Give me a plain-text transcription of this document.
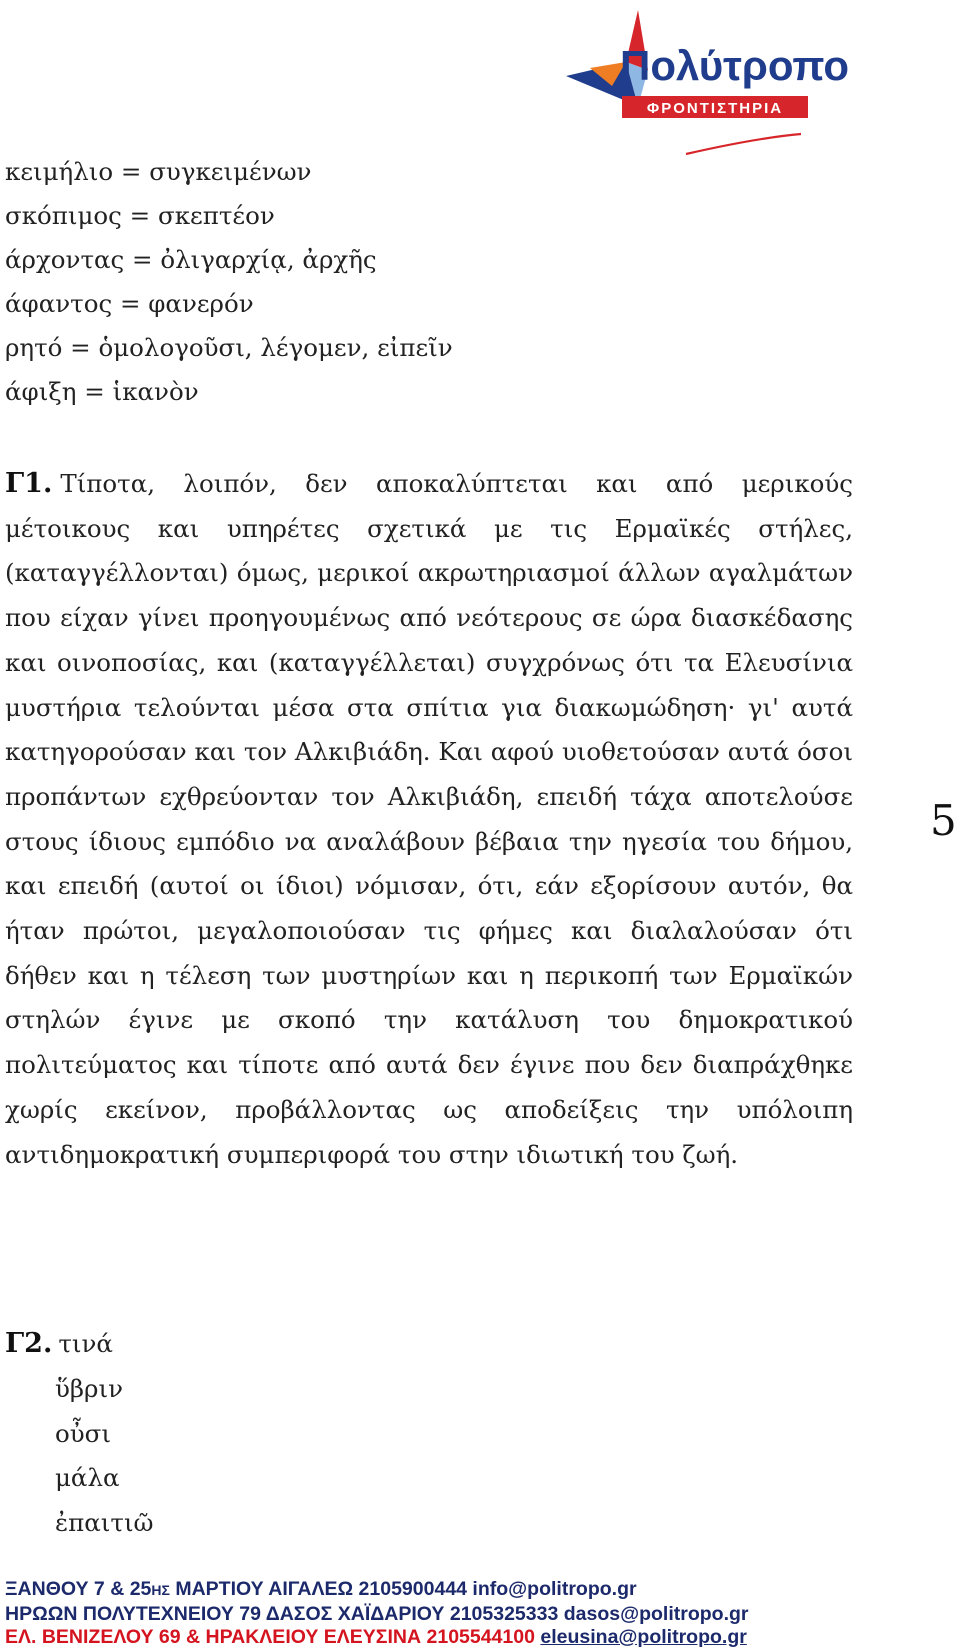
Πολύτροπο
ΦΡΟΝΤΙΣΤΗΡΙΑ
κειμήλιο = συγκειμένων
σκόπιμος = σκεπτέον
άρχοντας = ὀλιγαρχίᾳ, ἀρχῆς
άφαντος = φανερόν
ρητό = ὁμολογοῦσι, λέγομεν, εἰπεῖν
άφιξη = ἱκανὸν

Γ1. Τίποτα, λοιπόν, δεν αποκαλύπτεται και από μερικούς μέτοικους και υπηρέτες σχετικά με τις Ερμαϊκές στήλες, (καταγγέλλονται) όμως, μερικοί ακρωτηριασμοί άλλων αγαλμάτων που είχαν γίνει προηγουμένως από νεότερους σε ώρα διασκέδασης και οινοποσίας, και (καταγγέλλεται) συγχρόνως ότι τα Ελευσίνια μυστήρια τελούνται μέσα στα σπίτια για διακωμώδηση· γι' αυτά κατηγορούσαν και τον Αλκιβιάδη. Και αφού υιοθετούσαν αυτά όσοι προπάντων εχθρεύονταν τον Αλκιβιάδη, επειδή τάχα αποτελούσε στους ίδιους εμπόδιο να αναλάβουν βέβαια την ηγεσία του δήμου, και επειδή (αυτοί οι ίδιοι) νόμισαν, ότι, εάν εξορίσουν αυτόν, θα ήταν πρώτοι, μεγαλοποιούσαν τις φήμες και διαλαλούσαν ότι δήθεν και η τέλεση των μυστηρίων και η περικοπή των Ερμαϊκών στηλών έγινε με σκοπό την κατάλυση του δημοκρατικού πολιτεύματος και τίποτε από αυτά δεν έγινε που δεν διαπράχθηκε χωρίς εκείνον, προβάλλοντας ως αποδείξεις την υπόλοιπη αντιδημοκρατική συμπεριφορά του στην ιδιωτική του ζωή.

5
Γ2. τινά
ὕβριν
οὖσι
μάλα
ἐπαιτιῶ
ΞΑΝΘΟΥ 7 & 25ΗΣ ΜΑΡΤΙΟΥ ΑΙΓΑΛΕΩ 2105900444 info@politropo.gr
ΗΡΩΩΝ ΠΟΛΥΤΕΧΝΕΙΟΥ 79 ΔΑΣΟΣ ΧΑΪΔΑΡΙΟΥ 2105325333 dasos@politropo.gr
ΕΛ. ΒΕΝΙΖΕΛΟΥ 69 & ΗΡΑΚΛΕΙΟΥ ΕΛΕΥΣΙΝΑ 2105544100 eleusina@politropo.gr
